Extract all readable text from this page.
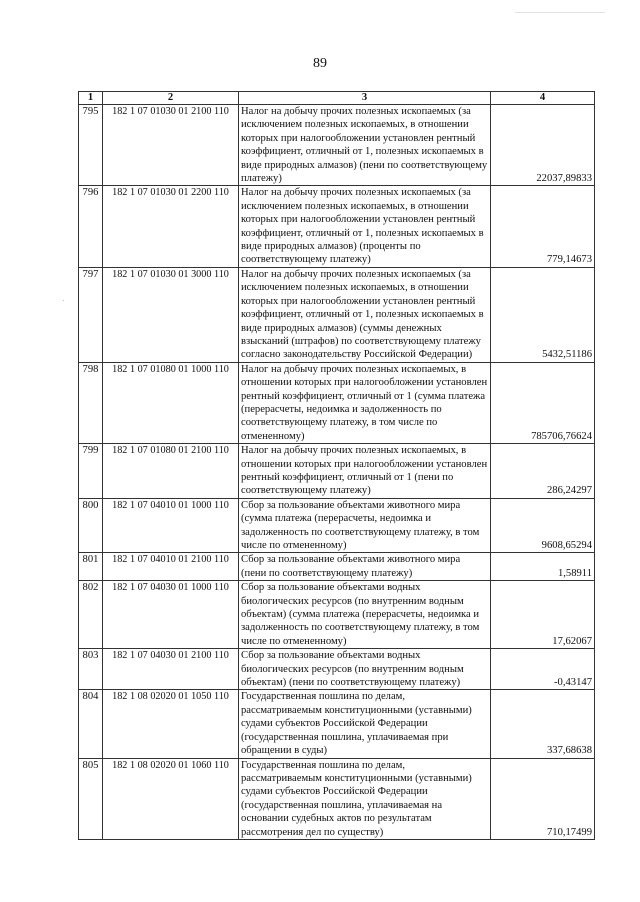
89
1	2	3	4
795	182 1 07 01030 01 2100 110	Налог на добычу прочих полезных ископаемых (за исключением полезных ископаемых, в отношении которых при налогообложении установлен рентный коэффициент, отличный от 1, полезных ископаемых в виде природных алмазов) (пени по соответствующему платежу)	22037,89833
796	182 1 07 01030 01 2200 110	Налог на добычу прочих полезных ископаемых (за исключением полезных ископаемых, в отношении которых при налогообложении установлен рентный коэффициент, отличный от 1, полезных ископаемых в виде природных алмазов) (проценты по соответствующему платежу)	779,14673
797	182 1 07 01030 01 3000 110	Налог на добычу прочих полезных ископаемых (за исключением полезных ископаемых, в отношении которых при налогообложении установлен рентный коэффициент, отличный от 1, полезных ископаемых в виде природных алмазов) (суммы денежных взысканий (штрафов) по соответствующему платежу согласно законодательству Российской Федерации)	5432,51186
798	182 1 07 01080 01 1000 110	Налог на добычу прочих полезных ископаемых, в отношении которых при налогообложении установлен рентный коэффициент, отличный от 1 (сумма платежа (перерасчеты, недоимка и задолженность по соответствующему платежу, в том числе по отмененному)	785706,76624
799	182 1 07 01080 01 2100 110	Налог на добычу прочих полезных ископаемых, в отношении которых при налогообложении установлен рентный коэффициент, отличный от 1 (пени по соответствующему платежу)	286,24297
800	182 1 07 04010 01 1000 110	Сбор за пользование объектами животного мира (сумма платежа (перерасчеты, недоимка и задолженность по соответствующему платежу, в том числе по отмененному)	9608,65294
801	182 1 07 04010 01 2100 110	Сбор за пользование объектами животного мира (пени по соответствующему платежу)	1,58911
802	182 1 07 04030 01 1000 110	Сбор за пользование объектами водных биологических ресурсов (по внутренним водным объектам) (сумма платежа (перерасчеты, недоимка и задолженность по соответствующему платежу, в том числе по отмененному)	17,62067
803	182 1 07 04030 01 2100 110	Сбор за пользование объектами водных биологических ресурсов (по внутренним водным объектам) (пени по соответствующему платежу)	-0,43147
804	182 1 08 02020 01 1050 110	Государственная пошлина по делам, рассматриваемым конституционными (уставными) судами субъектов Российской Федерации (государственная пошлина, уплачиваемая при обращении в суды)	337,68638
805	182 1 08 02020 01 1060 110	Государственная пошлина по делам, рассматриваемым конституционными (уставными) судами субъектов Российской Федерации (государственная пошлина, уплачиваемая на основании судебных актов по результатам рассмотрения дел по существу)	710,17499
